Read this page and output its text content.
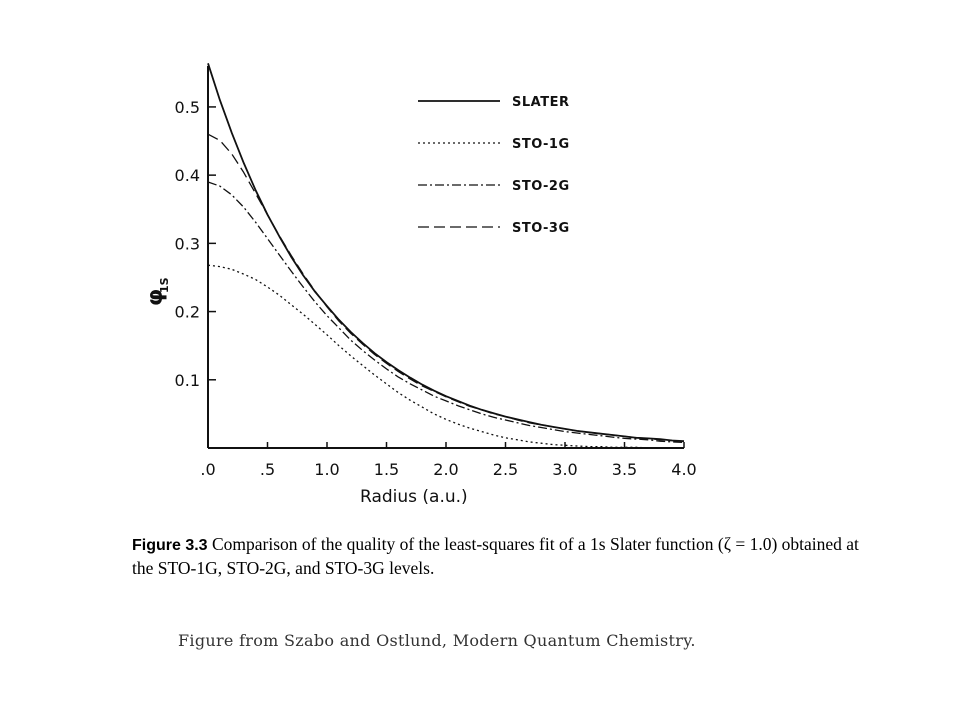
.0	.5 1.0 1.5 2.0 2.5 3.0 3.5 4.0
0.1
0.2
0.3
0.4
0.5	SLATER
STO-1G
STO-2G
STO-3G
Radius (a.u.)
φ
1S
Figure 3.3 Comparison of the quality of the least-squares fit of a 1s Slater function (ζ = 1.0) obtained at the STO-1G, STO-2G, and STO-3G levels.
Figure from Szabo and Ostlund, Modern Quantum Chemistry.
